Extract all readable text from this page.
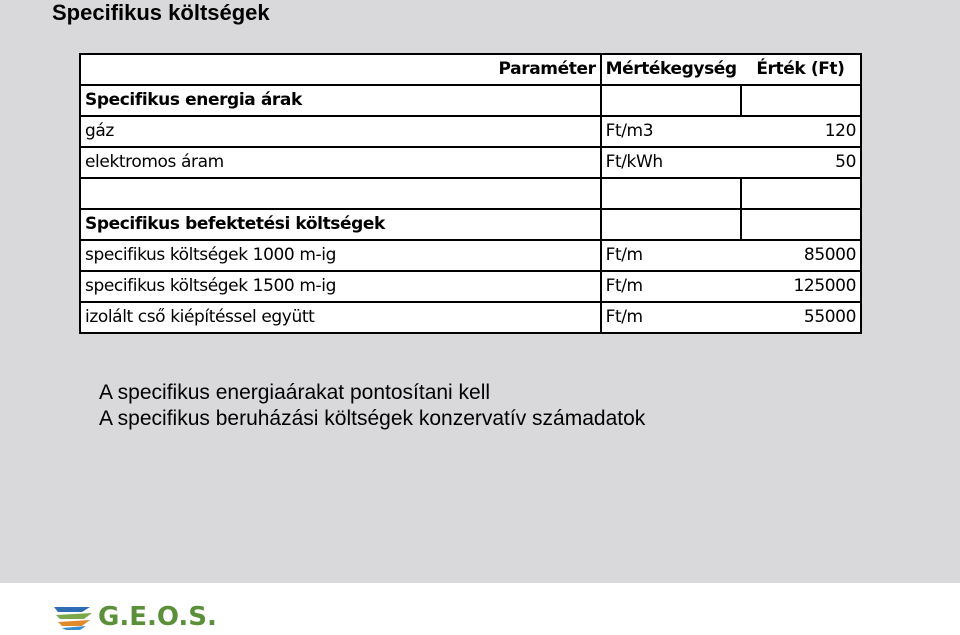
Specifikus költségek
Paraméter	Mértékegység	Érték (Ft)
Specifikus energia árak		
gáz	Ft/m3	120
elektromos áram	Ft/kWh	50

Specifikus befektetési költségek		
specifikus költségek 1000 m-ig	Ft/m	85000
specifikus költségek 1500 m-ig	Ft/m	125000
izolált cső kiépítéssel együtt	Ft/m	55000
A specifikus energiaárakat pontosítani kell
A specifikus beruházási költségek konzervatív számadatok
G.E.O.S.
